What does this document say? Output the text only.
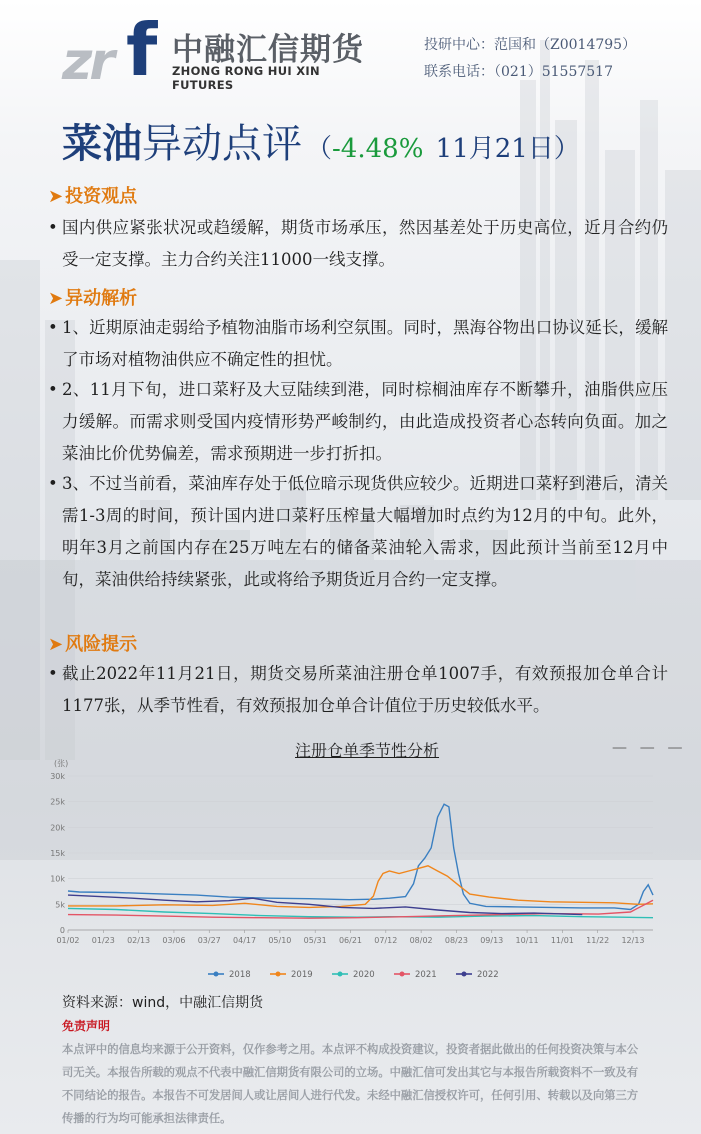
zr f 中融汇信期货
ZHONG RONG HUI XIN FUTURES
投研中心：范国和（Z0014795）
联系电话：（021）51557517
菜油异动点评 （-4.48% 11月21日）
➤ 投资观点
• 国内供应紧张状况或趋缓解，期货市场承压，然因基差处于历史高位，近月合约仍受一定支撑。主力合约关注11000一线支撑。
➤ 异动解析
• 1、近期原油走弱给予植物油脂市场利空氛围。同时，黑海谷物出口协议延长，缓解了市场对植物油供应不确定性的担忧。
• 2、11月下旬，进口菜籽及大豆陆续到港，同时棕榈油库存不断攀升，油脂供应压力缓解。而需求则受国内疫情形势严峻制约，由此造成投资者心态转向负面。加之菜油比价优势偏差，需求预期进一步打折扣。
• 3、不过当前看，菜油库存处于低位暗示现货供应较少。近期进口菜籽到港后，清关需1-3周的时间，预计国内进口菜籽压榨量大幅增加时点约为12月的中旬。此外，明年3月之前国内存在25万吨左右的储备菜油轮入需求，因此预计当前至12月中旬，菜油供给持续紧张，此或将给予期货近月合约一定支撑。
➤ 风险提示
• 截止2022年11月21日，期货交易所菜油注册仓单1007手，有效预报加仓单合计1177张，从季节性看，有效预报加仓单合计值位于历史较低水平。
注册仓单季节性分析	— — —
(张)
0
5k
10k
15k
20k
25k
30k
01/02 01/23 02/13 03/06 03/27 04/17 05/10 05/31 06/21 07/12 08/02 08/23 09/13 10/11 11/01 11/22 12/13
2018	2019	2020	2021	2022
资料来源：wind，中融汇信期货
免责声明
本点评中的信息均来源于公开资料，仅作参考之用。本点评不构成投资建议，投资者据此做出的任何投资决策与本公司无关。本报告所载的观点不代表中融汇信期货有限公司的立场。中融汇信可发出其它与本报告所载资料不一致及有不同结论的报告。本报告不可发居间人或让居间人进行代发。未经中融汇信授权许可，任何引用、转载以及向第三方传播的行为均可能承担法律责任。
